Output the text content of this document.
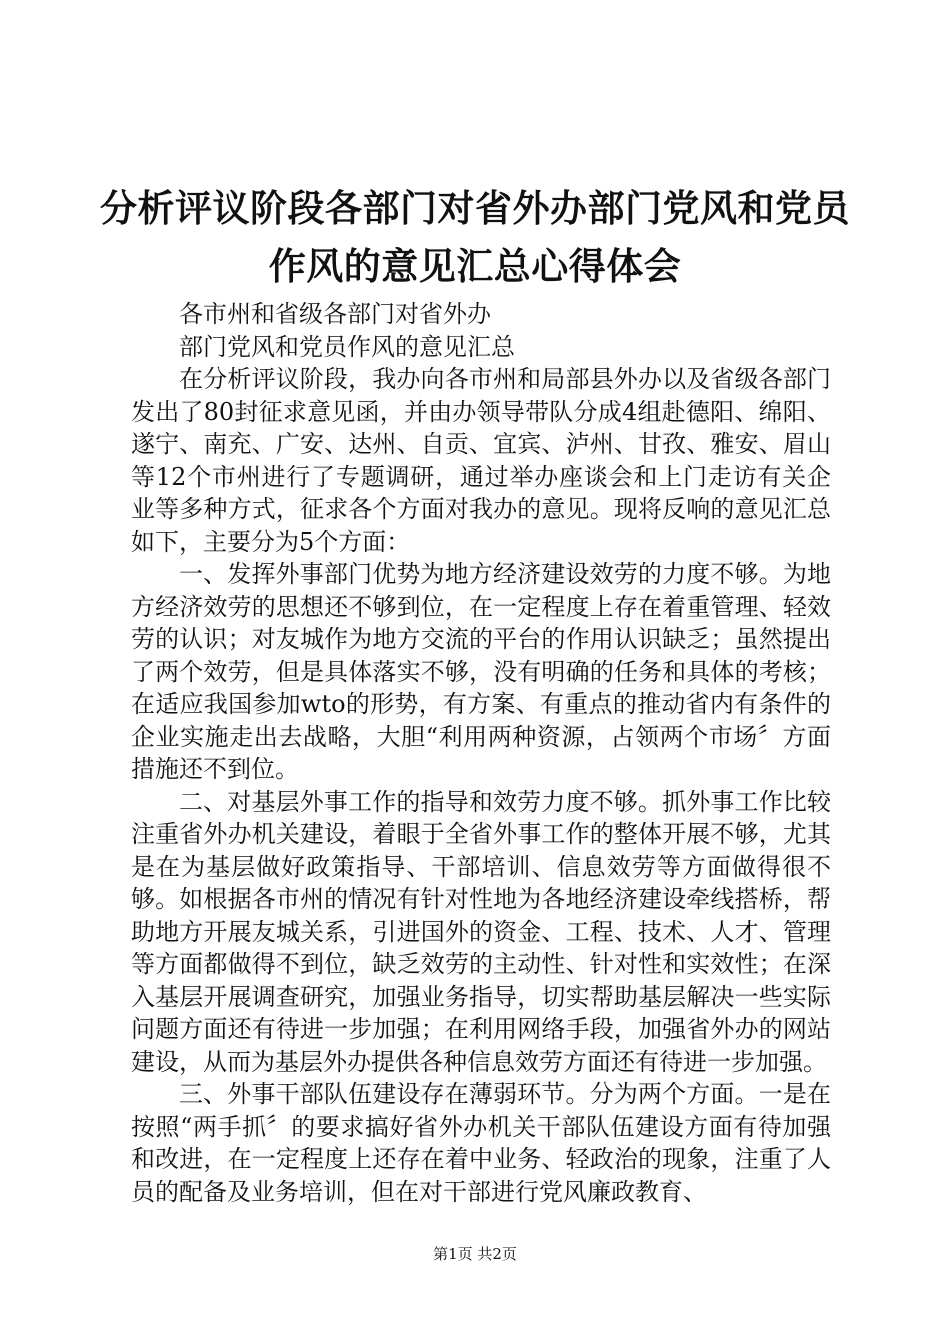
分析评议阶段各部门对省外办部门党风和党员
作风的意见汇总心得体会

各市州和省级各部门对省外办

部门党风和党员作风的意见汇总

在分析评议阶段，我办向各市州和局部县外办以及省级各部门发出了80封征求意见函，并由办领导带队分成4组赴德阳、绵阳、遂宁、南充、广安、达州、自贡、宜宾、泸州、甘孜、雅安、眉山等12个市州进行了专题调研，通过举办座谈会和上门走访有关企业等多种方式，征求各个方面对我办的意见。现将反响的意见汇总如下，主要分为5个方面：

一、发挥外事部门优势为地方经济建设效劳的力度不够。为地方经济效劳的思想还不够到位，在一定程度上存在着重管理、轻效劳的认识；对友城作为地方交流的平台的作用认识缺乏；虽然提出了两个效劳，但是具体落实不够，没有明确的任务和具体的考核；在适应我国参加wto的形势，有方案、有重点的推动省内有条件的企业实施走出去战略，大胆“利用两种资源，占领两个市场〞方面措施还不到位。

二、对基层外事工作的指导和效劳力度不够。抓外事工作比较注重省外办机关建设，着眼于全省外事工作的整体开展不够，尤其是在为基层做好政策指导、干部培训、信息效劳等方面做得很不够。如根据各市州的情况有针对性地为各地经济建设牵线搭桥，帮助地方开展友城关系，引进国外的资金、工程、技术、人才、管理等方面都做得不到位，缺乏效劳的主动性、针对性和实效性；在深入基层开展调查研究，加强业务指导，切实帮助基层解决一些实际问题方面还有待进一步加强；在利用网络手段，加强省外办的网站建设，从而为基层外办提供各种信息效劳方面还有待进一步加强。

三、外事干部队伍建设存在薄弱环节。分为两个方面。一是在按照“两手抓〞的要求搞好省外办机关干部队伍建设方面有待加强和改进，在一定程度上还存在着中业务、轻政治的现象，注重了人员的配备及业务培训，但在对干部进行党风廉政教育、

第1页 共2页
